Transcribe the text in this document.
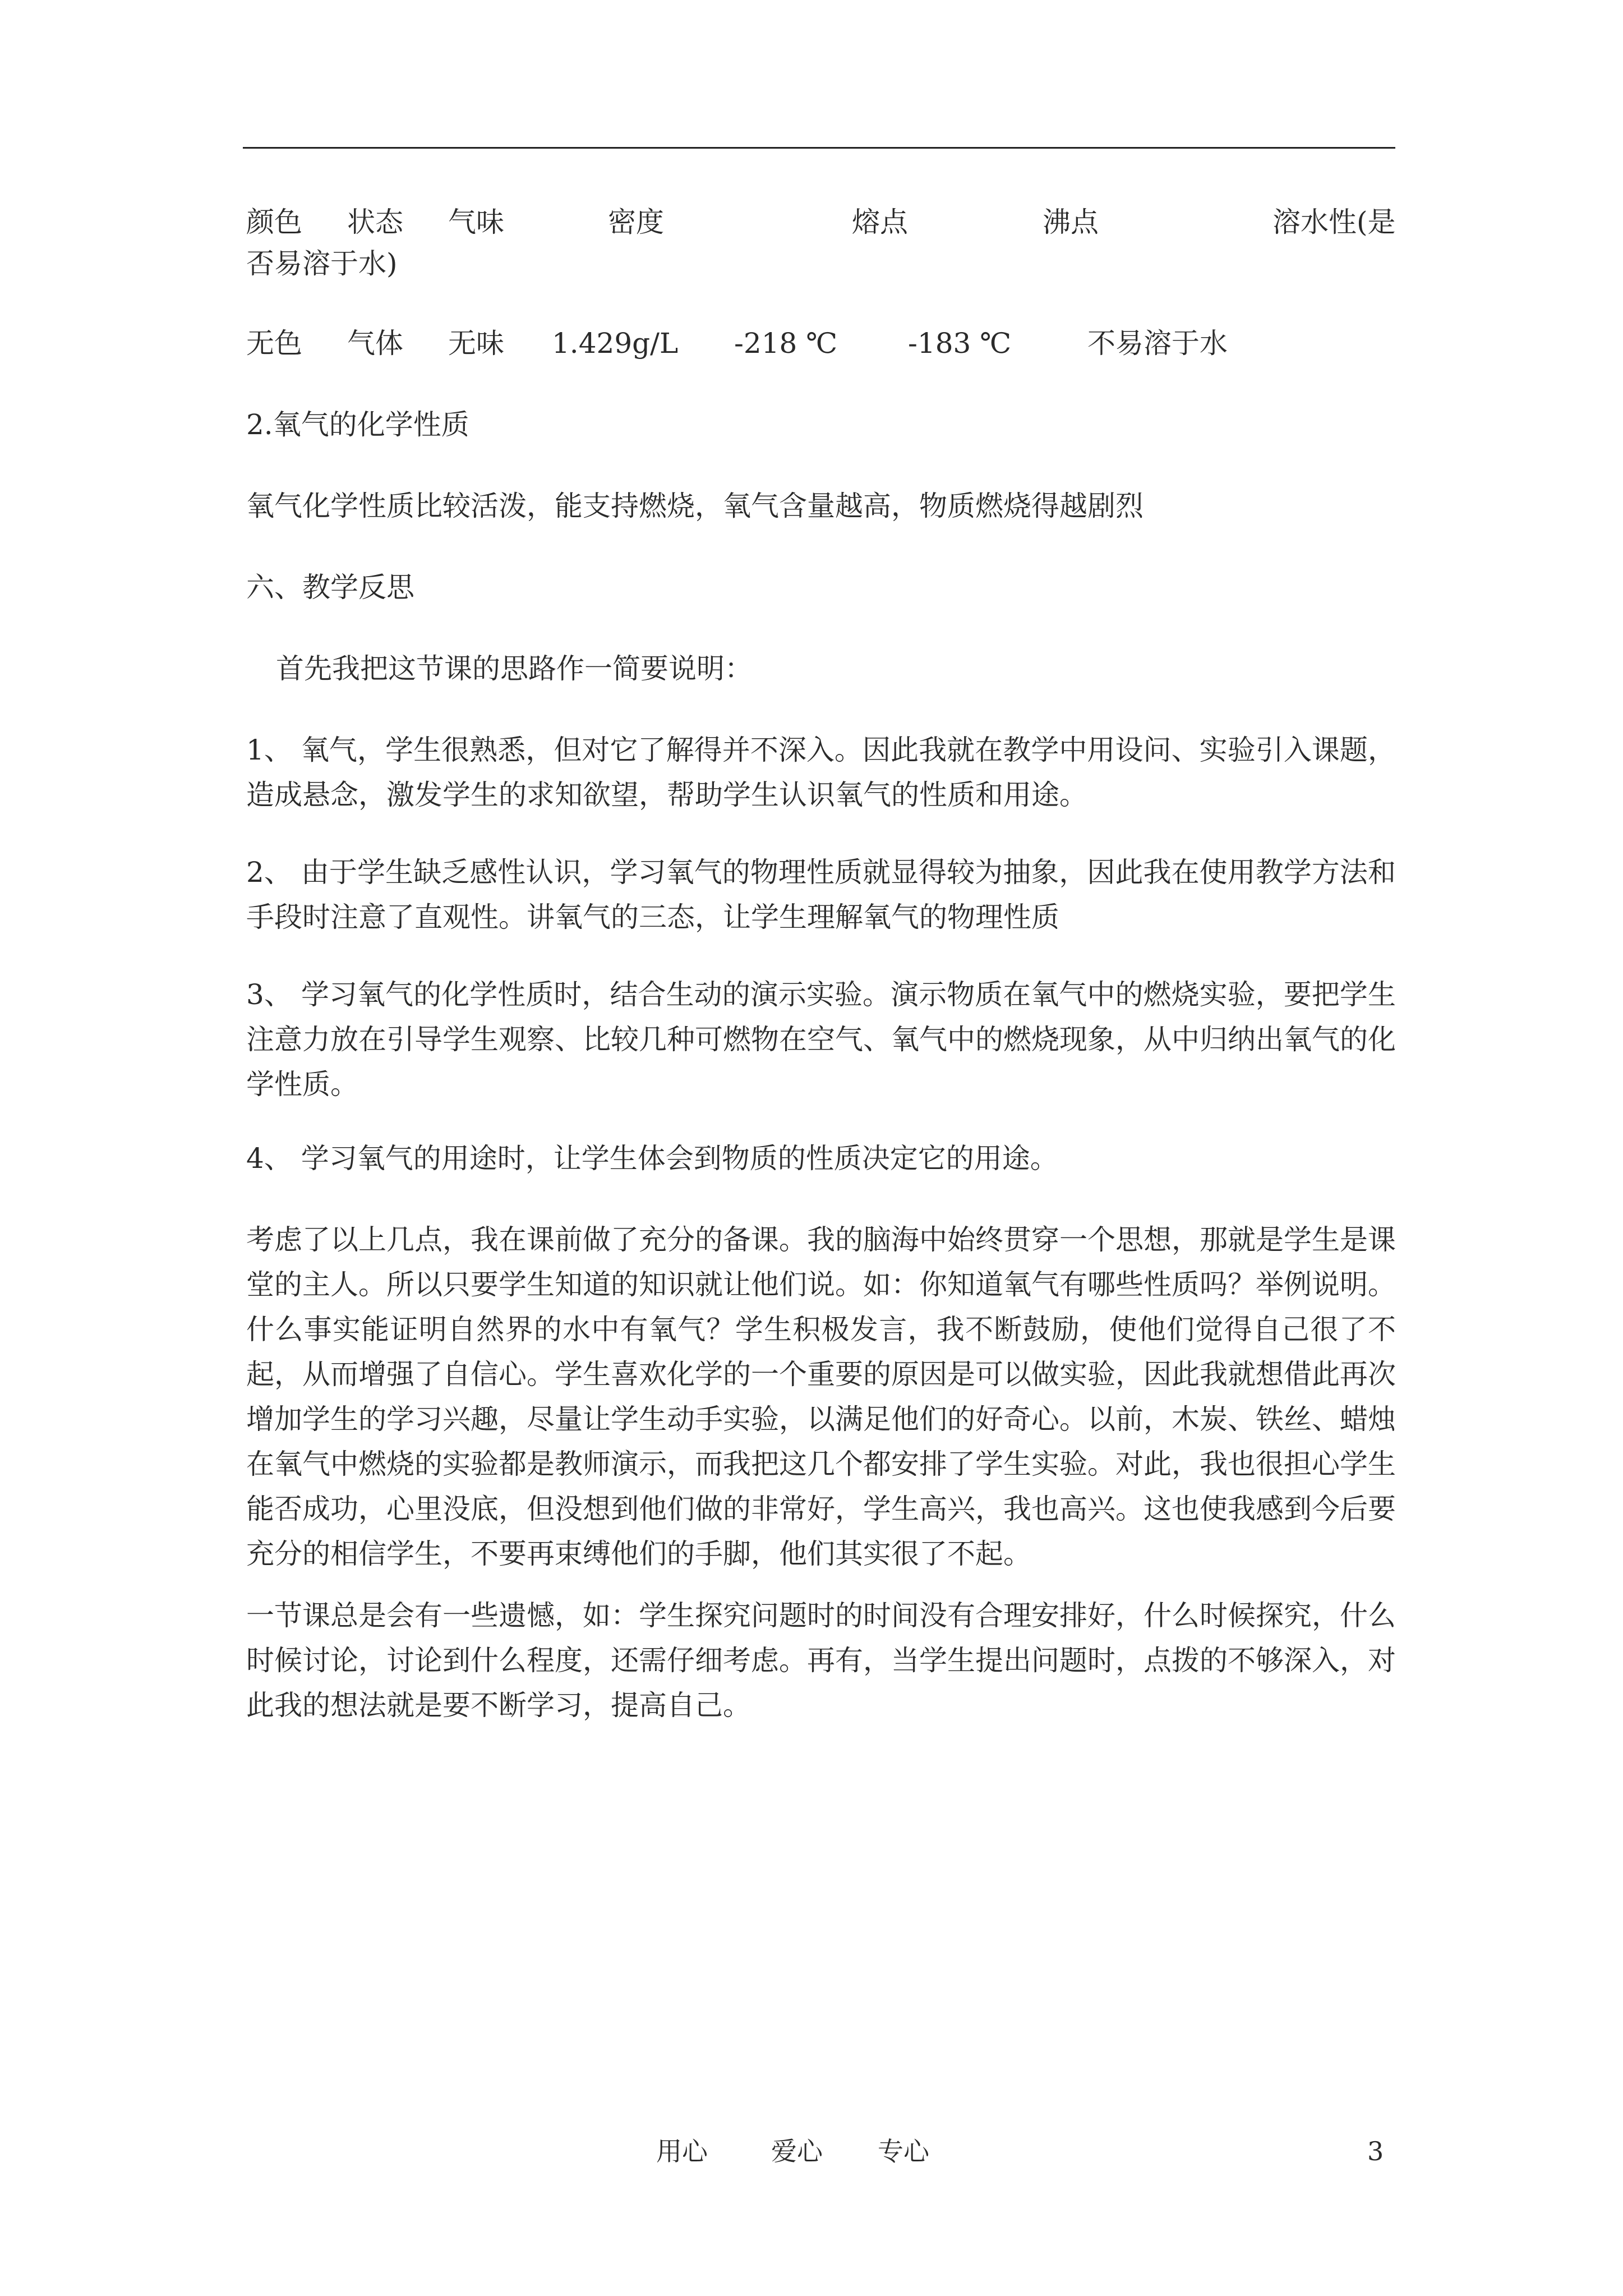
颜色 状态 气味	密度	熔点	沸点	溶水性(是
否易溶于水)
无色 气体 无味 1.429g/L -218 ℃	-183 ℃	不易溶于水
2.氧气的化学性质
氧气化学性质比较活泼，能支持燃烧，氧气含量越高，物质燃烧得越剧烈
六、教学反思
首先我把这节课的思路作一简要说明：
1、 氧气，学生很熟悉，但对它了解得并不深入。因此我就在教学中用设问、实验引入课题，造成悬念，激发学生的求知欲望，帮助学生认识氧气的性质和用途。
2、 由于学生缺乏感性认识，学习氧气的物理性质就显得较为抽象，因此我在使用教学方法和手段时注意了直观性。讲氧气的三态，让学生理解氧气的物理性质
3、 学习氧气的化学性质时，结合生动的演示实验。演示物质在氧气中的燃烧实验，要把学生注意力放在引导学生观察、比较几种可燃物在空气、氧气中的燃烧现象，从中归纳出氧气的化学性质。
4、 学习氧气的用途时，让学生体会到物质的性质决定它的用途。
考虑了以上几点，我在课前做了充分的备课。我的脑海中始终贯穿一个思想，那就是学生是课堂的主人。所以只要学生知道的知识就让他们说。如：你知道氧气有哪些性质吗？举例说明。什么事实能证明自然界的水中有氧气？学生积极发言，我不断鼓励，使他们觉得自己很了不起，从而增强了自信心。学生喜欢化学的一个重要的原因是可以做实验，因此我就想借此再次增加学生的学习兴趣，尽量让学生动手实验，以满足他们的好奇心。以前，木炭、铁丝、蜡烛在氧气中燃烧的实验都是教师演示，而我把这几个都安排了学生实验。对此，我也很担心学生能否成功，心里没底，但没想到他们做的非常好，学生高兴，我也高兴。这也使我感到今后要充分的相信学生，不要再束缚他们的手脚，他们其实很了不起。
一节课总是会有一些遗憾，如：学生探究问题时的时间没有合理安排好，什么时候探究，什么时候讨论，讨论到什么程度，还需仔细考虑。再有，当学生提出问题时，点拨的不够深入，对此我的想法就是要不断学习，提高自己。
用心 爱心 专心	3
